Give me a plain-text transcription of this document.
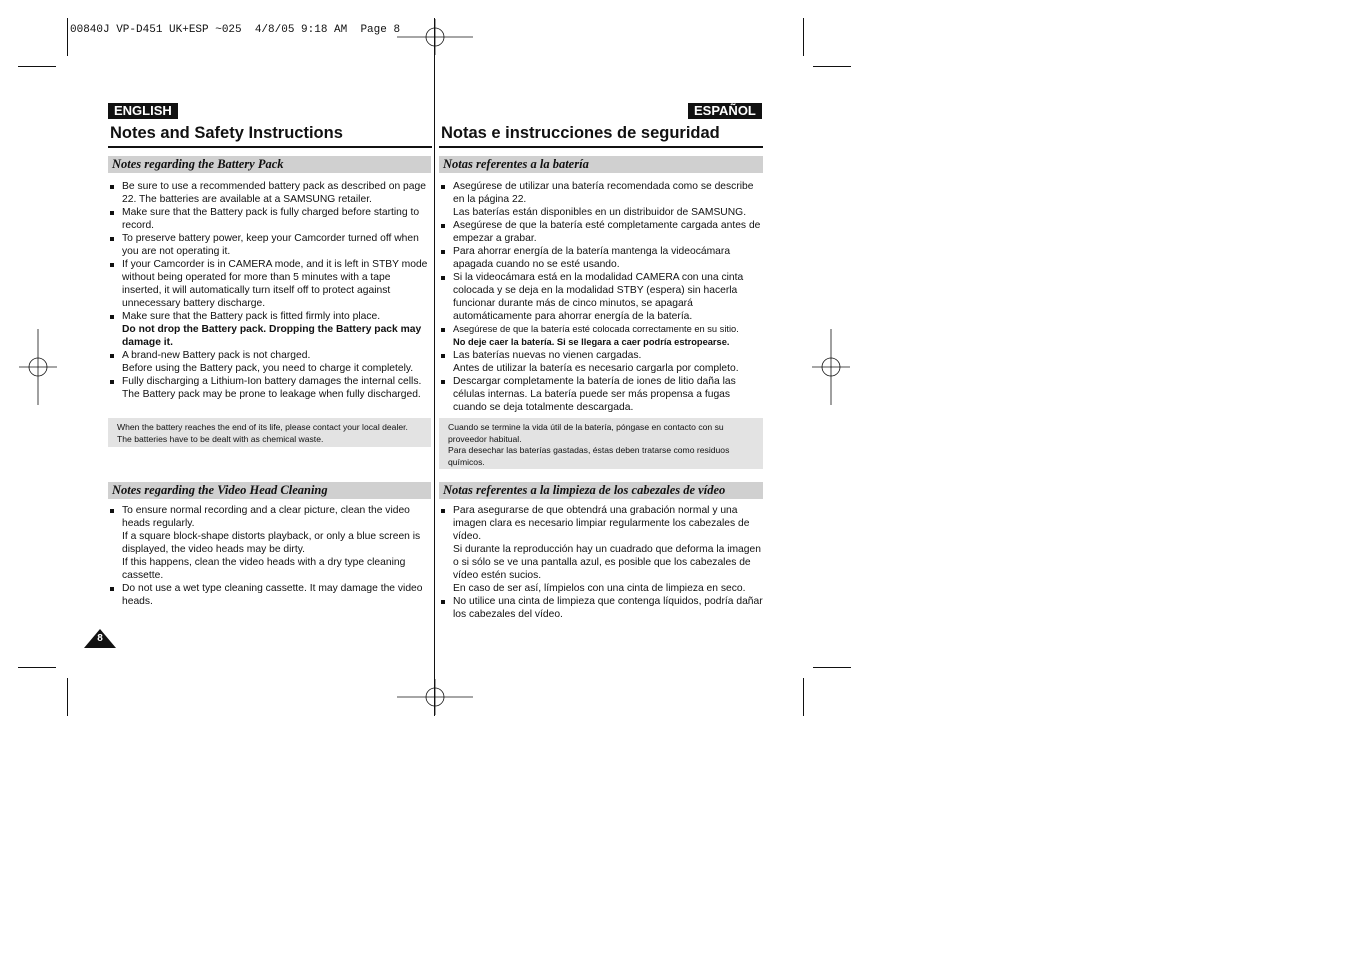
00840J VP-D451 UK+ESP ~025  4/8/05 9:18 AM  Page 8
ENGLISH
Notes and Safety Instructions
Notes regarding the Battery Pack
Be sure to use a recommended battery pack as described on page
22. The batteries are available at a SAMSUNG retailer.
Make sure that the Battery pack is fully charged before starting to
record.
To preserve battery power, keep your Camcorder turned off when
you are not operating it.
If your Camcorder is in CAMERA mode, and it is left in STBY mode
without being operated for more than 5 minutes with a tape
inserted, it will automatically turn itself off to protect against
unnecessary battery discharge.
Make sure that the Battery pack is fitted firmly into place.
Do not drop the Battery pack. Dropping the Battery pack may
damage it.
A brand-new Battery pack is not charged.
Before using the Battery pack, you need to charge it completely.
Fully discharging a Lithium-Ion battery damages the internal cells.
The Battery pack may be prone to leakage when fully discharged.
When the battery reaches the end of its life, please contact your local dealer.
The batteries have to be dealt with as chemical waste.
Notes regarding the Video Head Cleaning
To ensure normal recording and a clear picture, clean the video
heads regularly.
If a square block-shape distorts playback, or only a blue screen is
displayed, the video heads may be dirty.
If this happens, clean the video heads with a dry type cleaning
cassette.
Do not use a wet type cleaning cassette. It may damage the video
heads.
ESPAÑOL
Notas e instrucciones de seguridad
Notas referentes a la batería
Asegúrese de utilizar una batería recomendada como se describe
en la página 22.
Las baterías están disponibles en un distribuidor de SAMSUNG.
Asegúrese de que la batería esté completamente cargada antes de
empezar a grabar.
Para ahorrar energía de la batería mantenga la videocámara
apagada cuando no se esté usando.
Si la videocámara está en la modalidad CAMERA con una cinta
colocada y se deja en la modalidad STBY (espera) sin hacerla
funcionar durante más de cinco minutos, se apagará
automáticamente para ahorrar energía de la batería.
Asegúrese de que la batería esté colocada correctamente en su sitio.
No deje caer la batería. Si se llegara a caer podría estropearse.
Las baterías nuevas no vienen cargadas.
Antes de utilizar la batería es necesario cargarla por completo.
Descargar completamente la batería de iones de litio daña las
células internas. La batería puede ser más propensa a fugas
cuando se deja totalmente descargada.
Cuando se termine la vida útil de la batería, póngase en contacto con su
proveedor habitual.
Para desechar las baterías gastadas, éstas deben tratarse como residuos
químicos.
Notas referentes a la limpieza de los cabezales de vídeo
Para asegurarse de que obtendrá una grabación normal y una
imagen clara es necesario limpiar regularmente los cabezales de
vídeo.
Si durante la reproducción hay un cuadrado que deforma la imagen
o si sólo se ve una pantalla azul, es posible que los cabezales de
vídeo estén sucios.
En caso de ser así, límpielos con una cinta de limpieza en seco.
No utilice una cinta de limpieza que contenga líquidos, podría dañar
los cabezales del vídeo.
8
